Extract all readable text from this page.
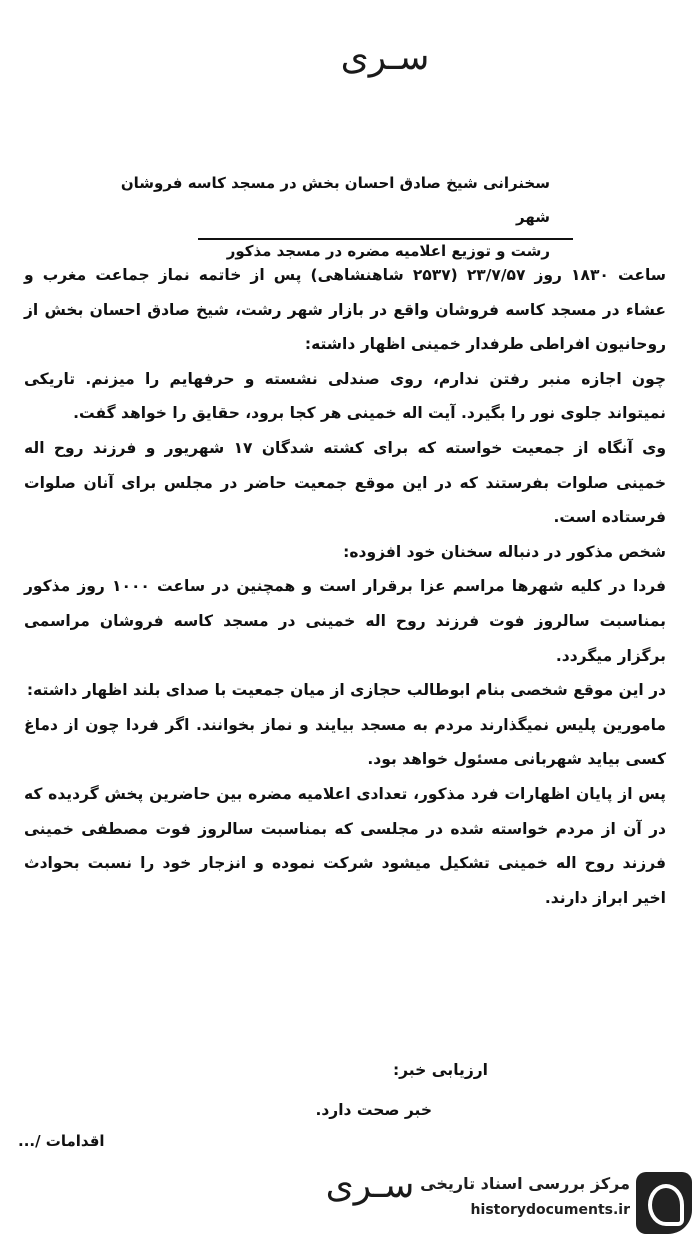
سـری
سخنرانی شیخ صادق احسان بخش در مسجد کاسه فروشان شهر
رشت و توزیع اعلامیه مضره در مسجد مذکور

ساعت ۱۸۳۰ روز ۲۳/۷/۵۷ (۲۵۳۷ شاهنشاهی) پس از خاتمه نماز جماعت مغرب و عشاء در مسجد کاسه فروشان واقع در بازار شهر رشت، شیخ صادق احسان بخش از روحانیون افراطی طرفدار خمینی اظهار داشته:

چون اجازه منبر رفتن ندارم، روی صندلی نشسته و حرفهایم را میزنم. تاریکی نمیتواند جلوی نور را بگیرد. آیت اله خمینی هر کجا برود، حقایق را خواهد گفت.

وی آنگاه از جمعیت خواسته که برای کشته شدگان ۱۷ شهریور و فرزند روح اله خمینی صلوات بفرستند که در این موقع جمعیت حاضر در مجلس برای آنان صلوات فرستاده است.

شخص مذکور در دنباله سخنان خود افزوده:

فردا در کلیه شهرها مراسم عزا برقرار است و همچنین در ساعت ۱۰۰۰ روز مذکور بمناسبت سالروز فوت فرزند روح اله خمینی در مسجد کاسه فروشان مراسمی برگزار میگردد.

در این موقع شخصی بنام ابوطالب حجازی از میان جمعیت با صدای بلند اظهار داشته:

مامورین پلیس نمیگذارند مردم به مسجد بیایند و نماز بخوانند. اگر فردا چون از دماغ کسی بیاید شهربانی مسئول خواهد بود.

پس از پایان اظهارات فرد مذکور، تعدادی اعلامیه مضره بین حاضرین پخش گردیده که در آن از مردم خواسته شده در مجلسی که بمناسبت سالروز فوت مصطفی خمینی فرزند روح اله خمینی تشکیل میشود شرکت نموده و انزجار خود را نسبت بحوادث اخیر ابراز دارند.

ارزیابی خبر:
خبر صحت دارد.
اقدامات /...
سـری مرکز بررسی اسناد تاریخی
historydocuments.ir
